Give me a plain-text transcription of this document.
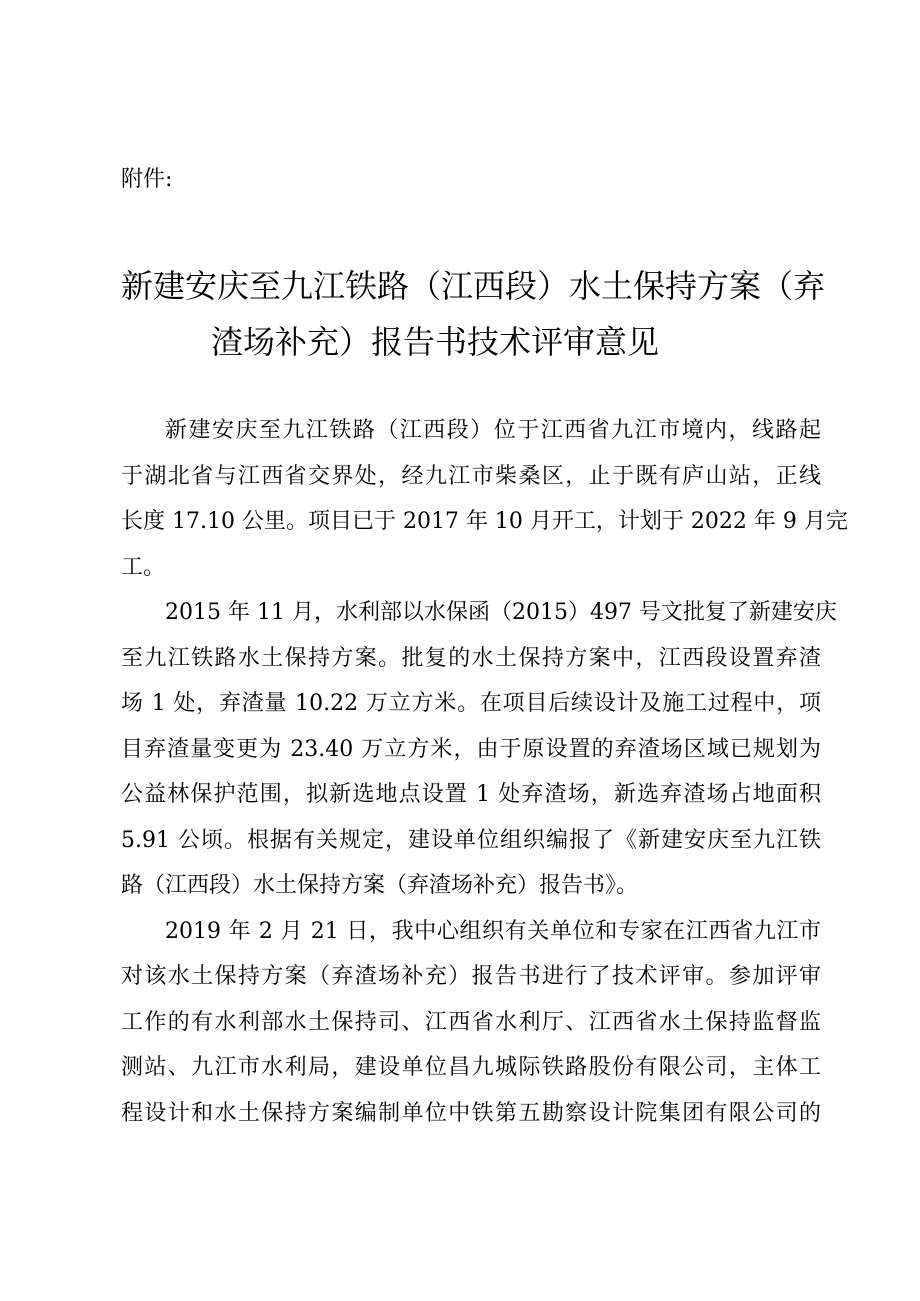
附件:
新建安庆至九江铁路（江西段）水土保持方案（弃
渣场补充）报告书技术评审意见

新建安庆至九江铁路（江西段）位于江西省九江市境内，线路起
于湖北省与江西省交界处，经九江市柴桑区，止于既有庐山站，正线
长度 17.10 公里。项目已于 2017 年 10 月开工，计划于 2022 年 9 月完
工。

2015 年 11 月，水利部以水保函（2015）497 号文批复了新建安庆
至九江铁路水土保持方案。批复的水土保持方案中，江西段设置弃渣
场 1 处，弃渣量 10.22 万立方米。在项目后续设计及施工过程中，项
目弃渣量变更为 23.40 万立方米，由于原设置的弃渣场区域已规划为
公益林保护范围，拟新选地点设置 1 处弃渣场，新选弃渣场占地面积
5.91 公顷。根据有关规定，建设单位组织编报了《新建安庆至九江铁
路（江西段）水土保持方案（弃渣场补充）报告书》。

2019 年 2 月 21 日，我中心组织有关单位和专家在江西省九江市
对该水土保持方案（弃渣场补充）报告书进行了技术评审。参加评审
工作的有水利部水土保持司、江西省水利厅、江西省水土保持监督监
测站、九江市水利局，建设单位昌九城际铁路股份有限公司，主体工
程设计和水土保持方案编制单位中铁第五勘察设计院集团有限公司的
